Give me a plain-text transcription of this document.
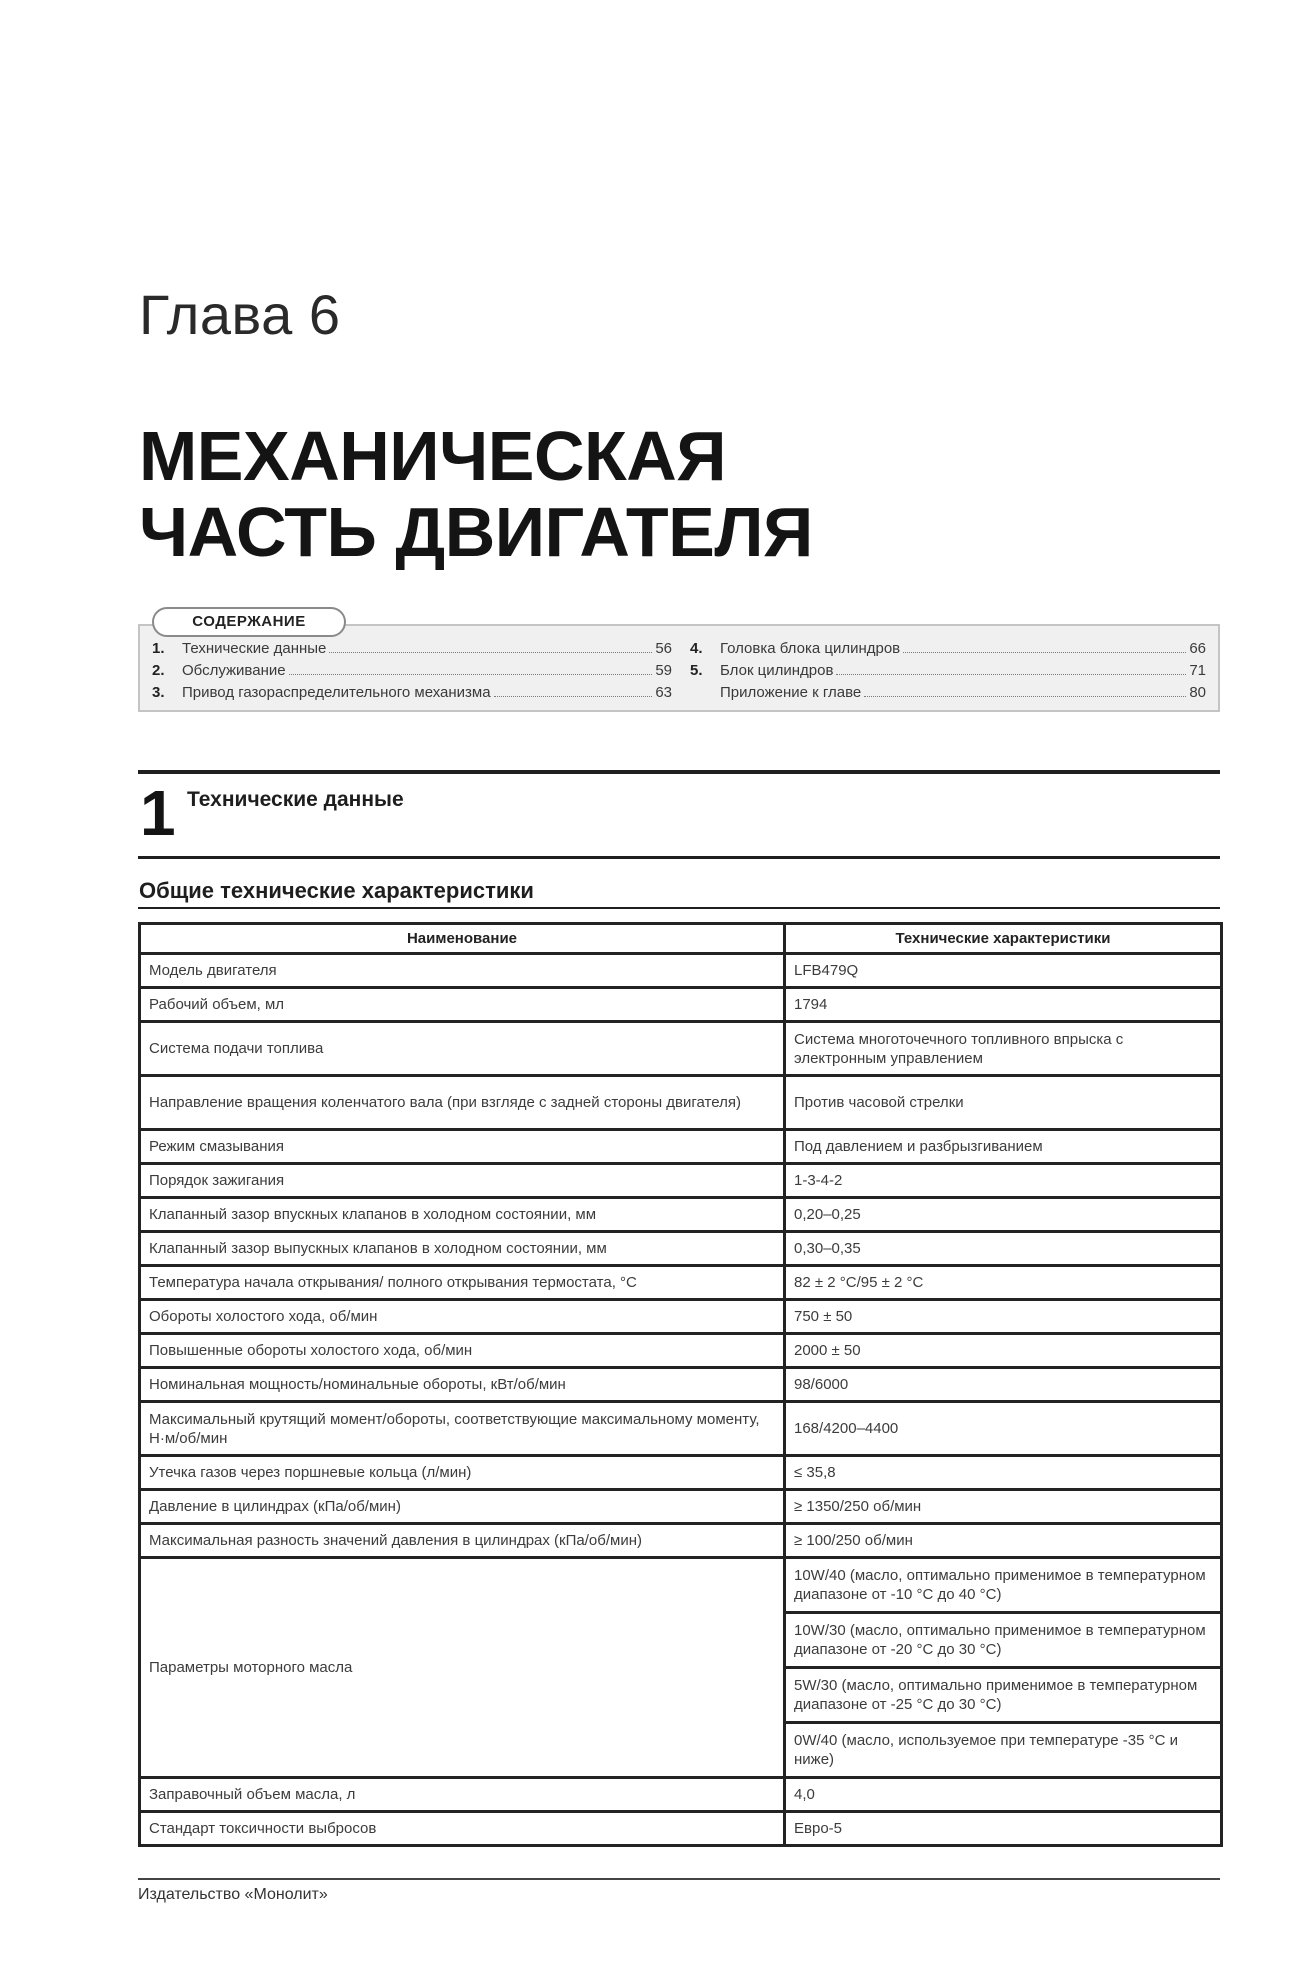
Глава 6
МЕХАНИЧЕСКАЯ
ЧАСТЬ ДВИГАТЕЛЯ
СОДЕРЖАНИЕ
1.	Технические данные	56
2.	Обслуживание	59
3.	Привод газораспределительного механизма	63
4.	Головка блока цилиндров	66
5.	Блок цилиндров	71
Приложение к главе	80
1 Технические данные
Общие технические характеристики
Наименование	Технические характеристики
Модель двигателя	LFB479Q
Рабочий объем, мл	1794
Система подачи топлива	Система многоточечного топливного впрыска с электронным управлением
Направление вращения коленчатого вала (при взгляде с задней стороны двигателя)	Против часовой стрелки
Режим смазывания	Под давлением и разбрызгиванием
Порядок зажигания	1-3-4-2
Клапанный зазор впускных клапанов в холодном состоянии, мм	0,20–0,25
Клапанный зазор выпускных клапанов в холодном состоянии, мм	0,30–0,35
Температура начала открывания/ полного открывания термостата, °С	82 ± 2 °С/95 ± 2 °С
Обороты холостого хода, об/мин	750 ± 50
Повышенные обороты холостого хода, об/мин	2000 ± 50
Номинальная мощность/номинальные обороты, кВт/об/мин	98/6000
Максимальный крутящий момент/обороты, соответствующие максимальному моменту, Н·м/об/мин	168/4200–4400
Утечка газов через поршневые кольца (л/мин)	≤ 35,8
Давление в цилиндрах (кПа/об/мин)	≥ 1350/250 об/мин
Максимальная разность значений давления в цилиндрах (кПа/об/мин)	≥ 100/250 об/мин
Параметры моторного масла	10W/40 (масло, оптимально применимое в температурном диапазоне от -10 °С до 40 °С)
	10W/30 (масло, оптимально применимое в температурном диапазоне от -20 °С до 30 °С)
	5W/30 (масло, оптимально применимое в температурном диапазоне от -25 °С до 30 °С)
	0W/40 (масло, используемое при температуре -35 °С и ниже)
Заправочный объем масла, л	4,0
Стандарт токсичности выбросов	Евро-5
Издательство «Монолит»
